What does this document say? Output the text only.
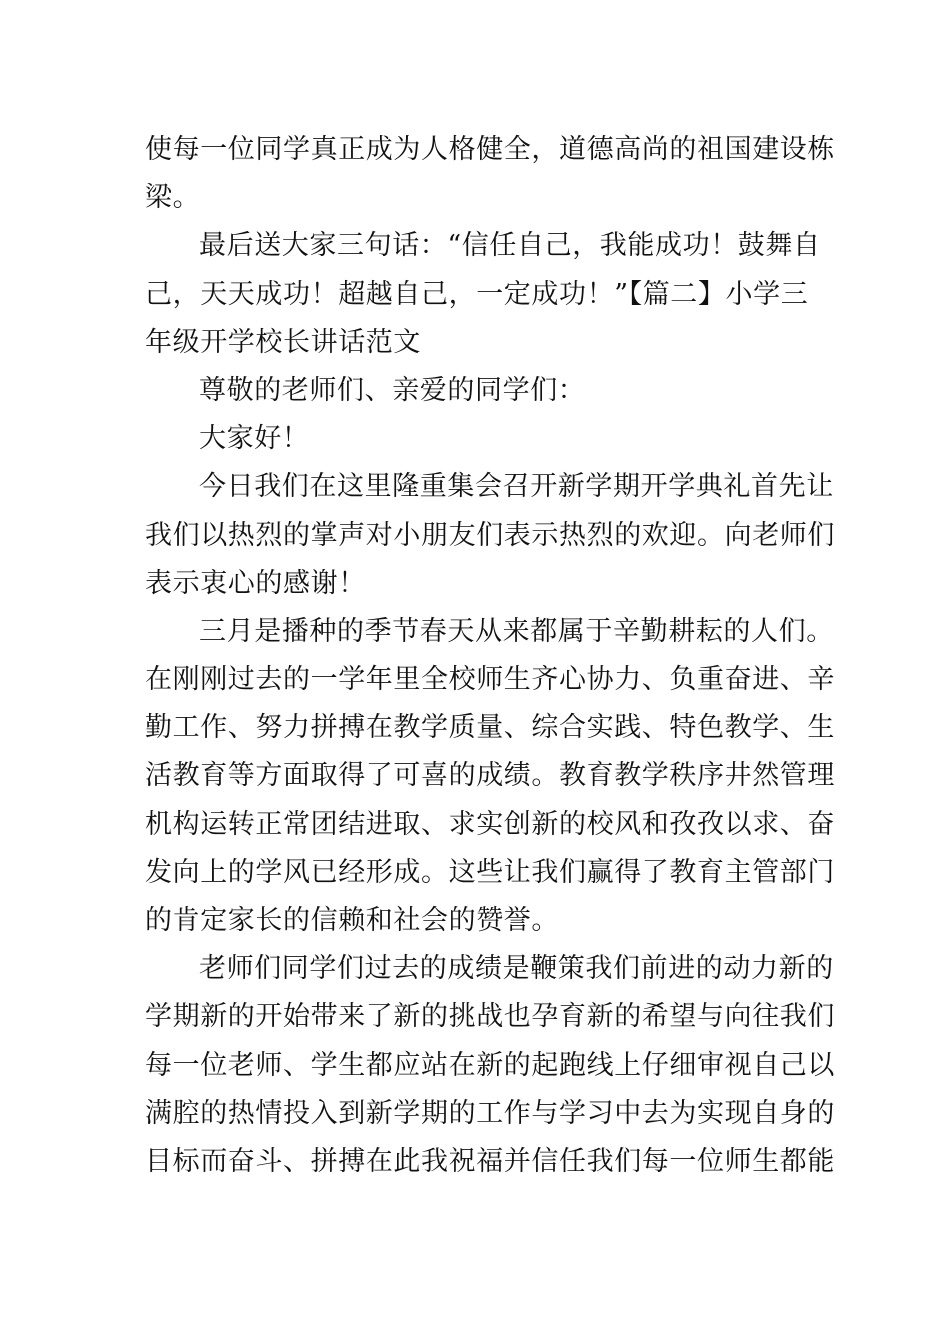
使每一位同学真正成为人格健全，道德高尚的祖国建设栋
梁。
最后送大家三句话：“信任自己，我能成功！鼓舞自
己，天天成功！超越自己，一定成功！”【篇二】小学三
年级开学校长讲话范文
尊敬的老师们、亲爱的同学们：
大家好！
今日我们在这里隆重集会召开新学期开学典礼首先让
我们以热烈的掌声对小朋友们表示热烈的欢迎。向老师们
表示衷心的感谢！
三月是播种的季节春天从来都属于辛勤耕耘的人们。
在刚刚过去的一学年里全校师生齐心协力、负重奋进、辛
勤工作、努力拼搏在教学质量、综合实践、特色教学、生
活教育等方面取得了可喜的成绩。教育教学秩序井然管理
机构运转正常团结进取、求实创新的校风和孜孜以求、奋
发向上的学风已经形成。这些让我们赢得了教育主管部门
的肯定家长的信赖和社会的赞誉。
老师们同学们过去的成绩是鞭策我们前进的动力新的
学期新的开始带来了新的挑战也孕育新的希望与向往我们
每一位老师、学生都应站在新的起跑线上仔细审视自己以
满腔的热情投入到新学期的工作与学习中去为实现自身的
目标而奋斗、拼搏在此我祝福并信任我们每一位师生都能
